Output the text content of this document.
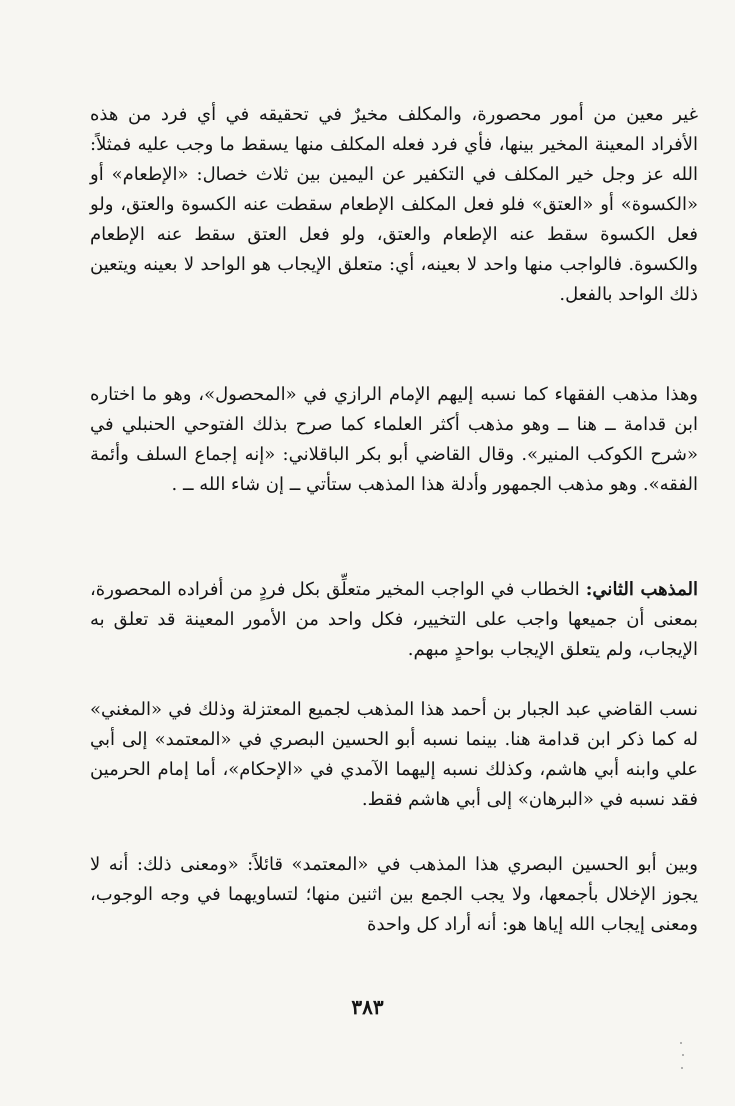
غير معين من أمور محصورة، والمكلف مخيرٌ في تحقيقه في أي فرد من هذه الأفراد المعينة المخير بينها، فأي فرد فعله المكلف منها يسقط ما وجب عليه فمثلاً: الله عز وجل خير المكلف في التكفير عن اليمين بين ثلاث خصال: «الإطعام» أو «الكسوة» أو «العتق» فلو فعل المكلف الإطعام سقطت عنه الكسوة والعتق، ولو فعل الكسوة سقط عنه الإطعام والعتق، ولو فعل العتق سقط عنه الإطعام والكسوة. فالواجب منها واحد لا بعينه، أي: متعلق الإيجاب هو الواحد لا بعينه ويتعين ذلك الواحد بالفعل.

وهذا مذهب الفقهاء كما نسبه إليهم الإمام الرازي في «المحصول»، وهو ما اختاره ابن قدامة ــ هنا ــ وهو مذهب أكثر العلماء كما صرح بذلك الفتوحي الحنبلي في «شرح الكوكب المنير». وقال القاضي أبو بكر الباقلاني: «إنه إجماع السلف وأئمة الفقه». وهو مذهب الجمهور وأدلة هذا المذهب ستأتي ــ إن شاء الله ــ .

المذهب الثاني: الخطاب في الواجب المخير متعلِّق بكل فردٍ من أفراده المحصورة، بمعنى أن جميعها واجب على التخيير، فكل واحد من الأمور المعينة قد تعلق به الإيجاب، ولم يتعلق الإيجاب بواحدٍ مبهم.

نسب القاضي عبد الجبار بن أحمد هذا المذهب لجميع المعتزلة وذلك في «المغني» له كما ذكر ابن قدامة هنا. بينما نسبه أبو الحسين البصري في «المعتمد» إلى أبي علي وابنه أبي هاشم، وكذلك نسبه إليهما الآمدي في «الإحكام»، أما إمام الحرمين فقد نسبه في «البرهان» إلى أبي هاشم فقط.

وبين أبو الحسين البصري هذا المذهب في «المعتمد» قائلاً: «ومعنى ذلك: أنه لا يجوز الإخلال بأجمعها، ولا يجب الجمع بين اثنين منها؛ لتساويهما في وجه الوجوب، ومعنى إيجاب الله إياها هو: أنه أراد كل واحدة

٣٨٣
